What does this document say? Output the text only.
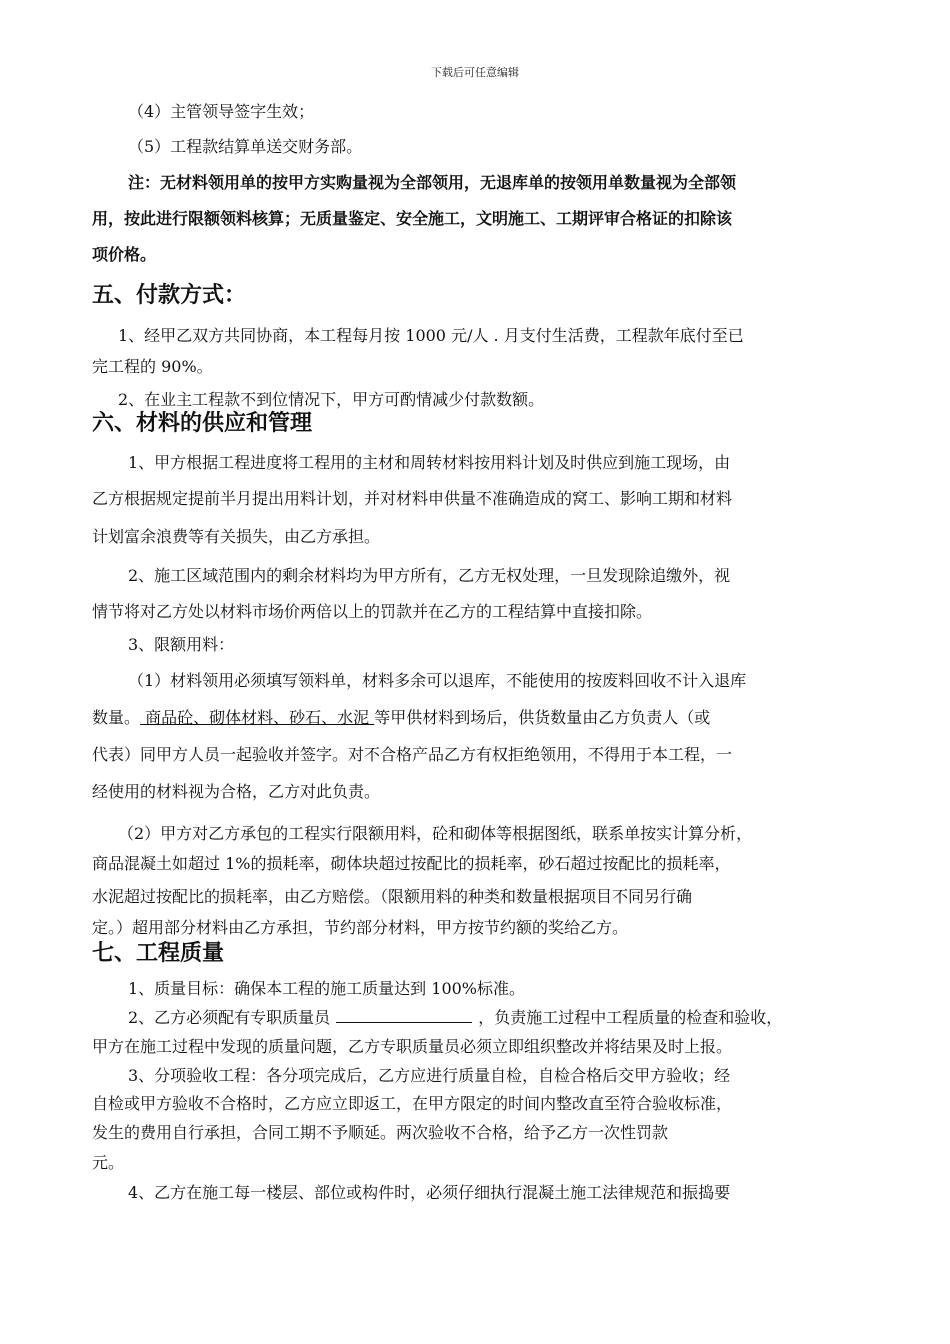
下载后可任意编辑
（4）主管领导签字生效；
（5）工程款结算单送交财务部。
注：无材料领用单的按甲方实购量视为全部领用，无退库单的按领用单数量视为全部领
用，按此进行限额领料核算；无质量鉴定、安全施工，文明施工、工期评审合格证的扣除该
项价格。
五、付款方式：
1、经甲乙双方共同协商，本工程每月按 1000 元/人 . 月支付生活费，工程款年底付至已
完工程的 90%。
2、在业主工程款不到位情况下，甲方可酌情减少付款数额。
六、材料的供应和管理
1、甲方根据工程进度将工程用的主材和周转材料按用料计划及时供应到施工现场，由
乙方根据规定提前半月提出用料计划，并对材料申供量不准确造成的窝工、影响工期和材料
计划富余浪费等有关损失，由乙方承担。
2、施工区域范围内的剩余材料均为甲方所有，乙方无权处理，一旦发现除追缴外，视
情节将对乙方处以材料市场价两倍以上的罚款并在乙方的工程结算中直接扣除。
3、限额用料：
（1）材料领用必须填写领料单，材料多余可以退库，不能使用的按废料回收不计入退库
数量。 商品砼、砌体材料、砂石、水泥 等甲供材料到场后，供货数量由乙方负责人（或
代表）同甲方人员一起验收并签字。对不合格产品乙方有权拒绝领用，不得用于本工程，一
经使用的材料视为合格，乙方对此负责。
（2）甲方对乙方承包的工程实行限额用料，砼和砌体等根据图纸，联系单按实计算分析，
商品混凝土如超过 1%的损耗率，砌体块超过按配比的损耗率，砂石超过按配比的损耗率，
水泥超过按配比的损耗率，由乙方赔偿。（限额用料的种类和数量根据项目不同另行确
定。）超用部分材料由乙方承担，节约部分材料，甲方按节约额的奖给乙方。
七、工程质量
1、质量目标：确保本工程的施工质量达到 100%标准。
2、乙方必须配有专职质量员	，负责施工过程中工程质量的检查和验收，
甲方在施工过程中发现的质量问题，乙方专职质量员必须立即组织整改并将结果及时上报。
3、分项验收工程：各分项完成后，乙方应进行质量自检，自检合格后交甲方验收；经
自检或甲方验收不合格时，乙方应立即返工，在甲方限定的时间内整改直至符合验收标准，
发生的费用自行承担，合同工期不予顺延。两次验收不合格，给予乙方一次性罚款
元。
4、乙方在施工每一楼层、部位或构件时，必须仔细执行混凝土施工法律规范和振捣要
